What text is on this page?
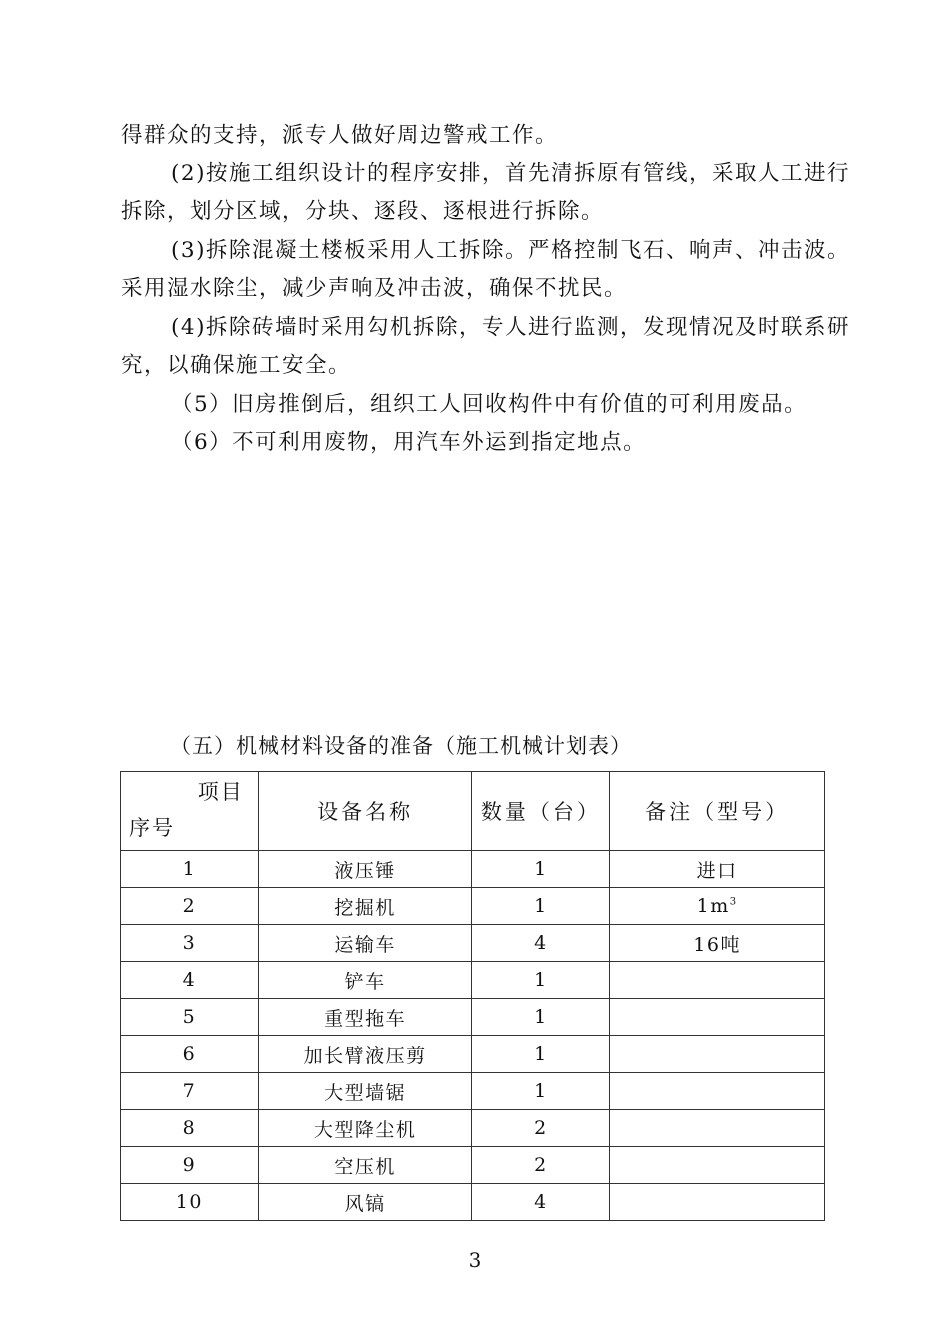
得群众的支持，派专人做好周边警戒工作。
(2)按施工组织设计的程序安排，首先清拆原有管线，采取人工进行拆除，划分区域，分块、逐段、逐根进行拆除。
(3)拆除混凝土楼板采用人工拆除。严格控制飞石、响声、冲击波。采用湿水除尘，减少声响及冲击波，确保不扰民。
(4)拆除砖墙时采用勾机拆除，专人进行监测，发现情况及时联系研究，以确保施工安全。
（5）旧房推倒后，组织工人回收构件中有价值的可利用废品。
（6）不可利用废物，用汽车外运到指定地点。
（五）机械材料设备的准备（施工机械计划表）
项目
序号	设备名称	数量（台）	备注（型号）
1	液压锤	1	进口
2	挖掘机	1	$1m^3$
3	运输车	4	16吨
4	铲车	1	
5	重型拖车	1	
6	加长臂液压剪	1	
7	大型墙锯	1	
8	大型降尘机	2	
9	空压机	2	
10	风镐	4	
3
